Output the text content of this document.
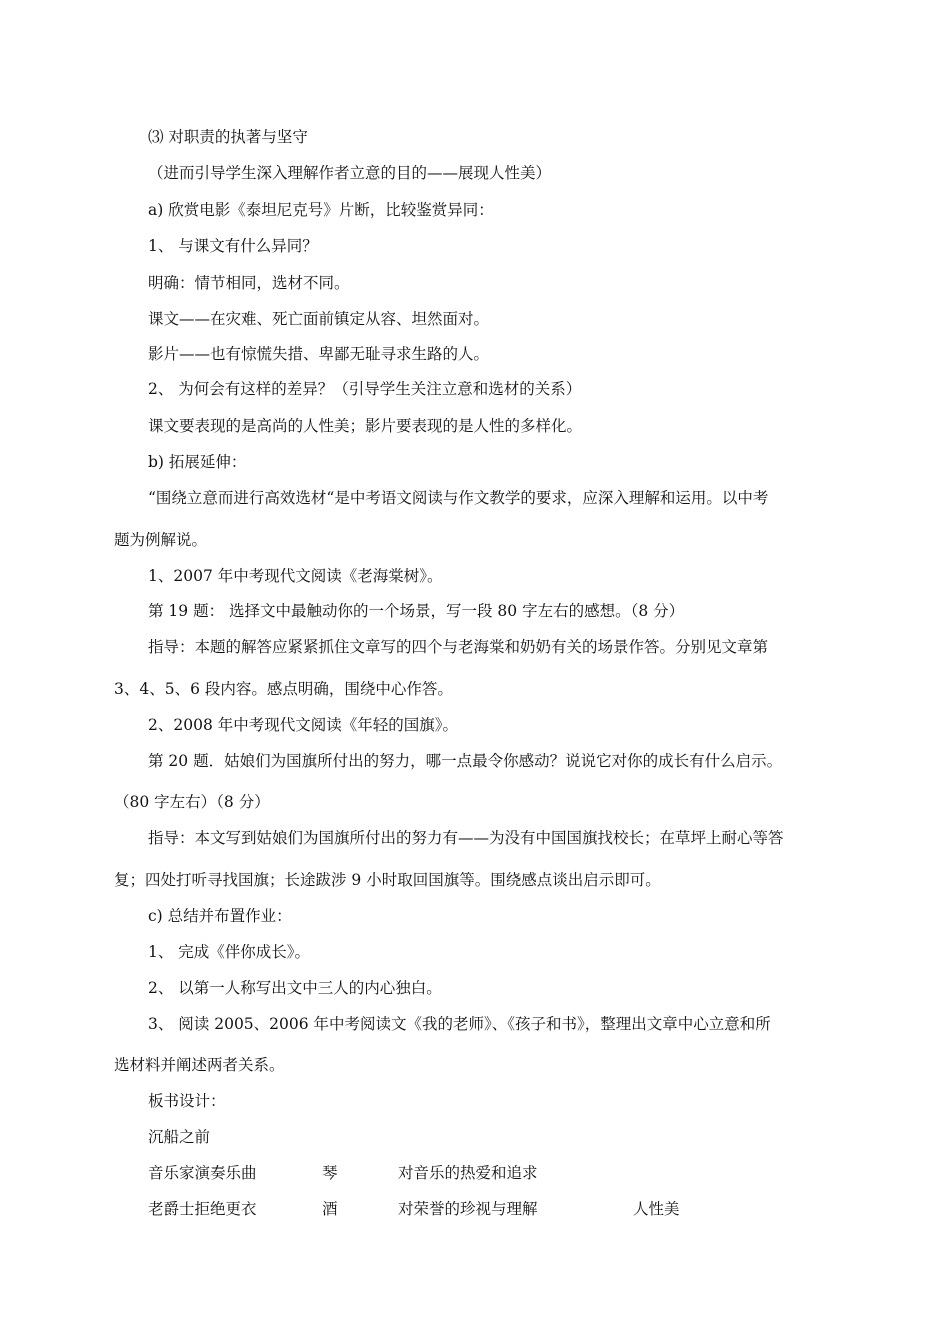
⑶ 对职责的执著与坚守
（进而引导学生深入理解作者立意的目的——展现人性美）
a) 欣赏电影《泰坦尼克号》片断，比较鉴赏异同：
1、 与课文有什么异同？
明确：情节相同，选材不同。
课文——在灾难、死亡面前镇定从容、坦然面对。
影片——也有惊慌失措、卑鄙无耻寻求生路的人。
2、 为何会有这样的差异？（引导学生关注立意和选材的关系）
课文要表现的是高尚的人性美；影片要表现的是人性的多样化。
b) 拓展延伸：
“围绕立意而进行高效选材“是中考语文阅读与作文教学的要求，应深入理解和运用。以中考
题为例解说。
1、2007 年中考现代文阅读《老海棠树》。
第 19 题： 选择文中最触动你的一个场景，写一段 80 字左右的感想。（8 分）
指导：本题的解答应紧紧抓住文章写的四个与老海棠和奶奶有关的场景作答。分别见文章第
3、4、5、6 段内容。感点明确，围绕中心作答。
2、2008 年中考现代文阅读《年轻的国旗》。
第 20 题．姑娘们为国旗所付出的努力，哪一点最令你感动？说说它对你的成长有什么启示。
（80 字左右）（8 分）
指导：本文写到姑娘们为国旗所付出的努力有——为没有中国国旗找校长；在草坪上耐心等答
复；四处打听寻找国旗；长途跋涉 9 小时取回国旗等。围绕感点谈出启示即可。
c) 总结并布置作业：
1、 完成《伴你成长》。
2、 以第一人称写出文中三人的内心独白。
3、 阅读 2005、2006 年中考阅读文《我的老师》、《孩子和书》，整理出文章中心立意和所
选材料并阐述两者关系。
板书设计：
沉船之前
音乐家演奏乐曲	琴	对音乐的热爱和追求
老爵士拒绝更衣	酒	对荣誉的珍视与理解	人性美
